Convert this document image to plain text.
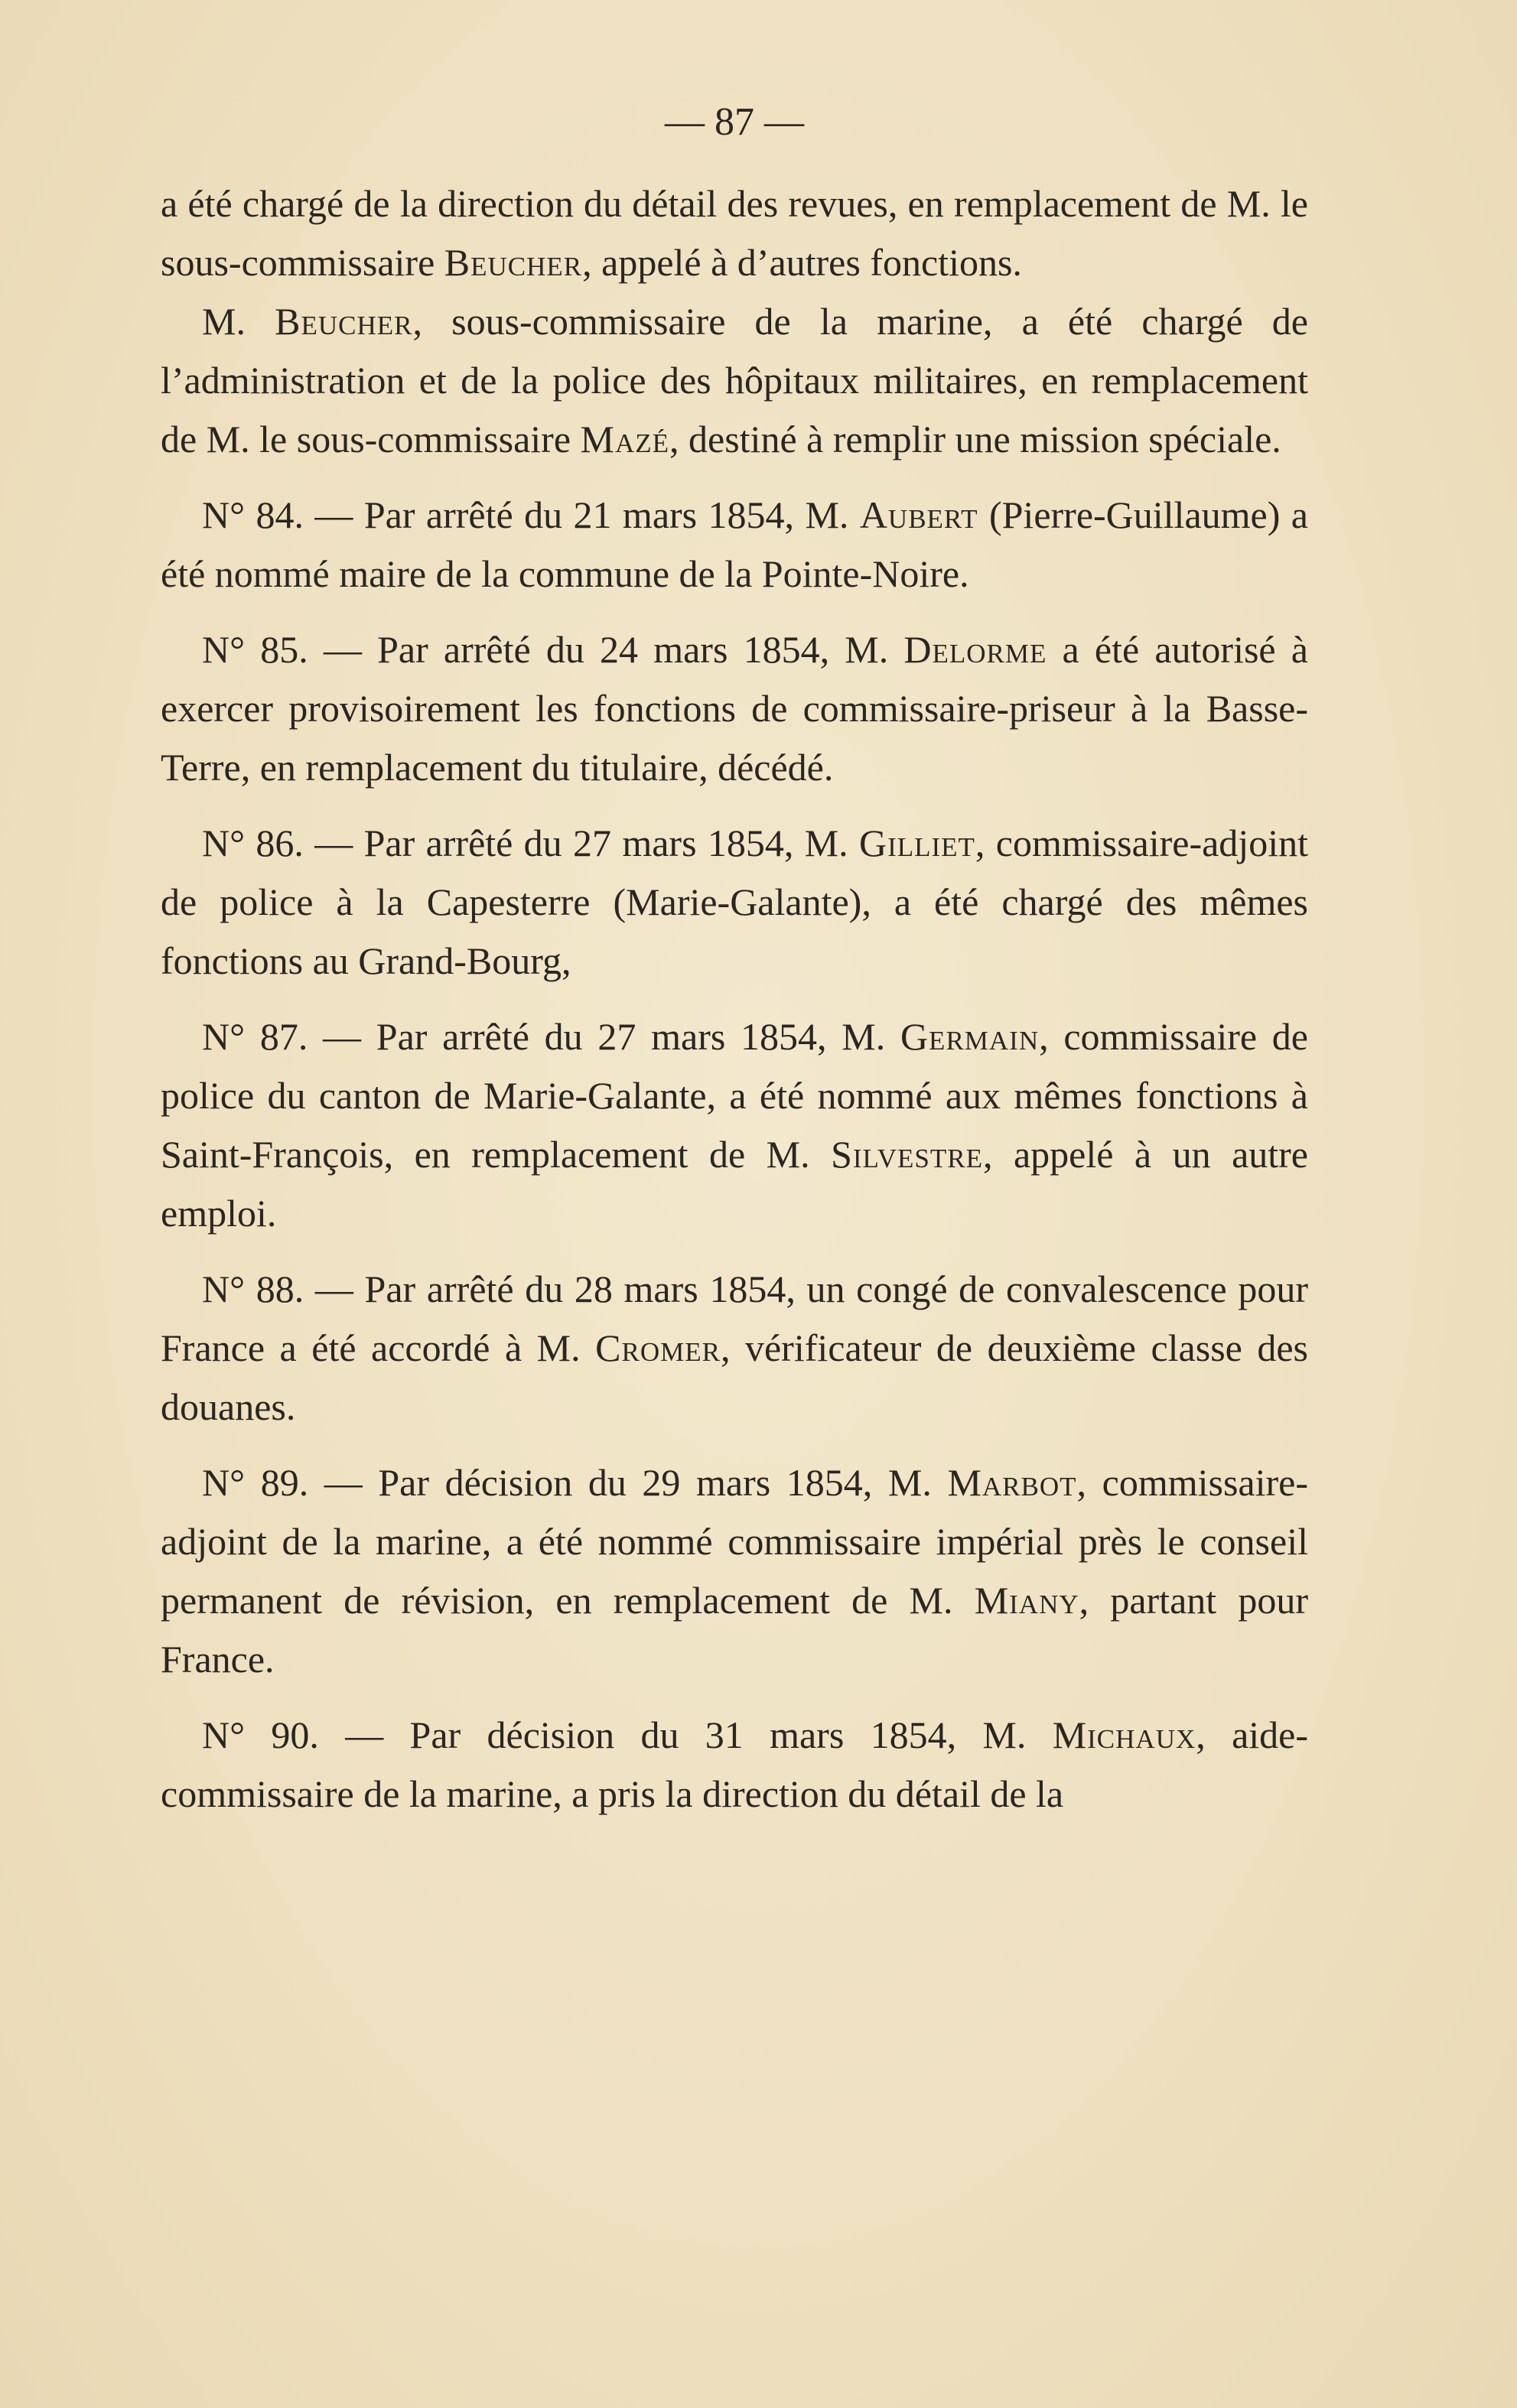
— 87 —

a été chargé de la direction du détail des revues, en remplacement de M. le sous-commissaire Beucher, appelé à d’autres fonctions.

M. Beucher, sous-commissaire de la marine, a été chargé de l’administration et de la police des hôpitaux militaires, en remplacement de M. le sous-commissaire Mazé, destiné à remplir une mission spéciale.

N° 84. — Par arrêté du 21 mars 1854, M. Aubert (Pierre-Guillaume) a été nommé maire de la commune de la Pointe-Noire.

N° 85. — Par arrêté du 24 mars 1854, M. Delorme a été autorisé à exercer provisoirement les fonctions de commissaire-priseur à la Basse-Terre, en remplacement du titulaire, décédé.

N° 86. — Par arrêté du 27 mars 1854, M. Gilliet, commissaire-adjoint de police à la Capesterre (Marie-Galante), a été chargé des mêmes fonctions au Grand-Bourg,

N° 87. — Par arrêté du 27 mars 1854, M. Germain, commissaire de police du canton de Marie-Galante, a été nommé aux mêmes fonctions à Saint-François, en remplacement de M. Silvestre, appelé à un autre emploi.

N° 88. — Par arrêté du 28 mars 1854, un congé de convalescence pour France a été accordé à M. Cromer, vérificateur de deuxième classe des douanes.

N° 89. — Par décision du 29 mars 1854, M. Marbot, commissaire-adjoint de la marine, a été nommé commissaire impérial près le conseil permanent de révision, en remplacement de M. Miany, partant pour France.

N° 90. — Par décision du 31 mars 1854, M. Michaux, aide-commissaire de la marine, a pris la direction du détail de la
